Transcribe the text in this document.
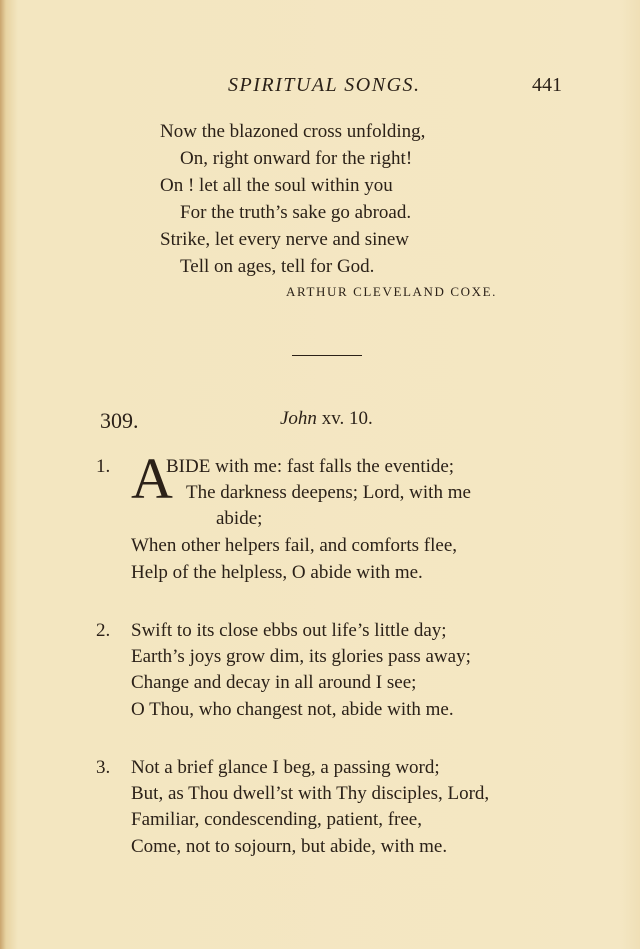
SPIRITUAL SONGS.	441
Now the blazoned cross unfolding,
On, right onward for the right!
On ! let all the soul within you
For the truth’s sake go abroad.
Strike, let every nerve and sinew
Tell on ages, tell for God.
ARTHUR CLEVELAND COXE.
309.	John xv. 10.
1. A
BIDE with me: fast falls the eventide;
The darkness deepens; Lord, with me
abide;
When other helpers fail, and comforts flee,
Help of the helpless, O abide with me.
2. Swift to its close ebbs out life’s little day;
Earth’s joys grow dim, its glories pass away;
Change and decay in all around I see;
O Thou, who changest not, abide with me.
3. Not a brief glance I beg, a passing word;
But, as Thou dwell’st with Thy disciples, Lord,
Familiar, condescending, patient, free,
Come, not to sojourn, but abide, with me.
